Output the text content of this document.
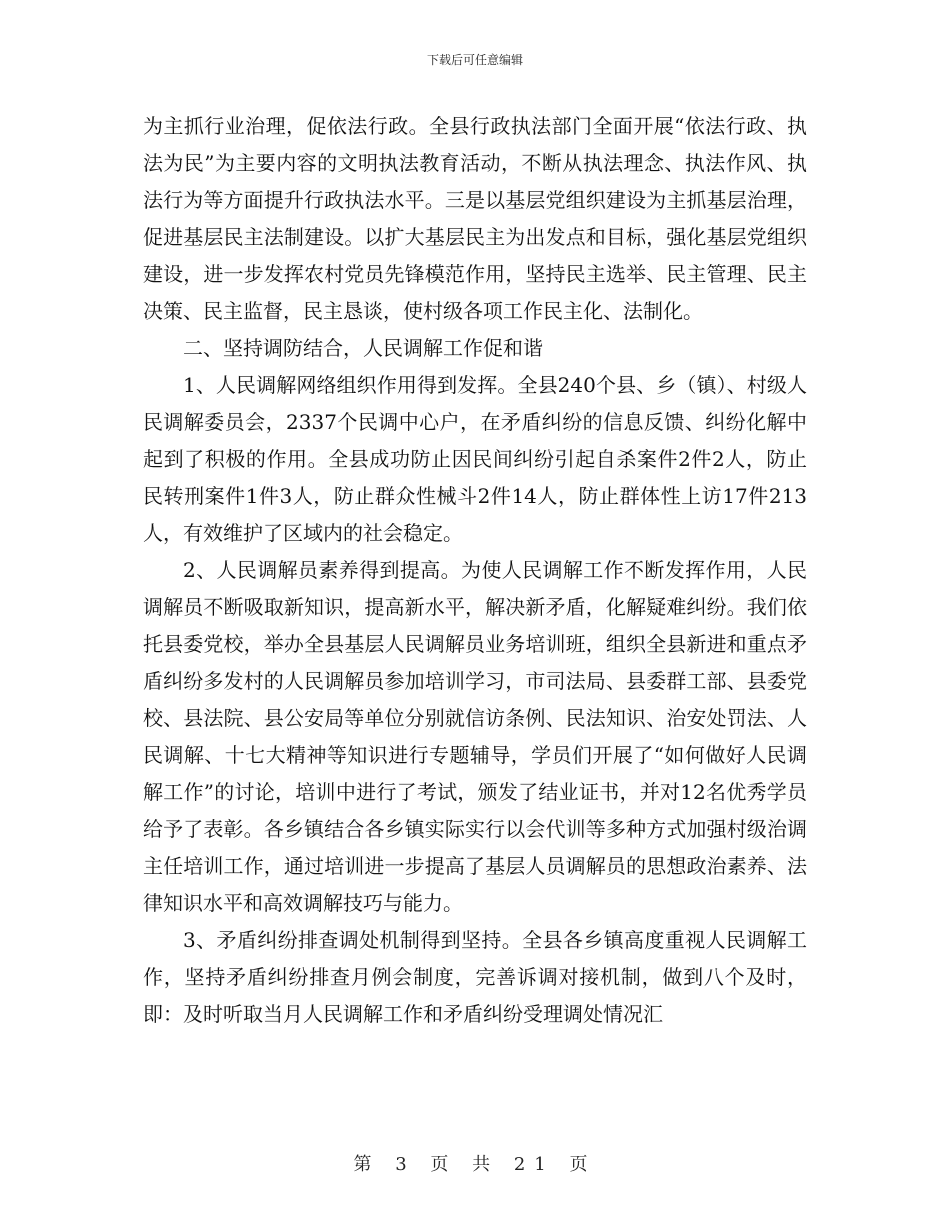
下载后可任意编辑

为主抓行业治理，促依法行政。全县行政执法部门全面开展“依法行政、执法为民”为主要内容的文明执法教育活动，不断从执法理念、执法作风、执法行为等方面提升行政执法水平。三是以基层党组织建设为主抓基层治理，促进基层民主法制建设。以扩大基层民主为出发点和目标，强化基层党组织建设，进一步发挥农村党员先锋模范作用，坚持民主选举、民主管理、民主决策、民主监督，民主恳谈，使村级各项工作民主化、法制化。

二、坚持调防结合，人民调解工作促和谐

1、人民调解网络组织作用得到发挥。全县240个县、乡（镇）、村级人民调解委员会，2337个民调中心户，在矛盾纠纷的信息反馈、纠纷化解中起到了积极的作用。全县成功防止因民间纠纷引起自杀案件2件2人，防止民转刑案件1件3人，防止群众性械斗2件14人，防止群体性上访17件213人，有效维护了区域内的社会稳定。

2、人民调解员素养得到提高。为使人民调解工作不断发挥作用，人民调解员不断吸取新知识，提高新水平，解决新矛盾，化解疑难纠纷。我们依托县委党校，举办全县基层人民调解员业务培训班，组织全县新进和重点矛盾纠纷多发村的人民调解员参加培训学习，市司法局、县委群工部、县委党校、县法院、县公安局等单位分别就信访条例、民法知识、治安处罚法、人民调解、十七大精神等知识进行专题辅导，学员们开展了“如何做好人民调解工作”的讨论，培训中进行了考试，颁发了结业证书，并对12名优秀学员给予了表彰。各乡镇结合各乡镇实际实行以会代训等多种方式加强村级治调主任培训工作，通过培训进一步提高了基层人员调解员的思想政治素养、法律知识水平和高效调解技巧与能力。

3、矛盾纠纷排查调处机制得到坚持。全县各乡镇高度重视人民调解工作，坚持矛盾纠纷排查月例会制度，完善诉调对接机制，做到八个及时，即：及时听取当月人民调解工作和矛盾纠纷受理调处情况汇

第 3 页 共 21 页
